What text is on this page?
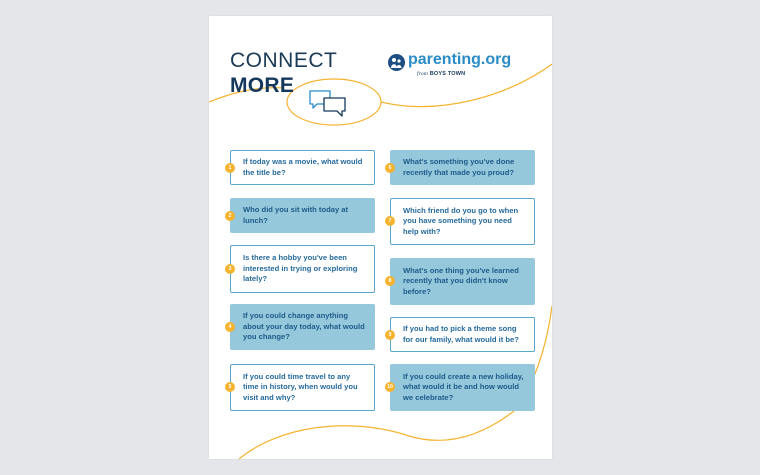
CONNECT
MORE
parenting.org
from BOYS TOWN
If today was a movie, what would the title be?
1
Who did you sit with today at lunch?
2
Is there a hobby you've been interested in trying or exploring lately?
3
If you could change anything about your day today, what would you change?
4
If you could time travel to any time in history, when would you visit and why?
5
What's something you've done recently that made you proud?
6
Which friend do you go to when you have something you need help with?
7
What's one thing you've learned recently that you didn't know before?
8
If you had to pick a theme song for our family, what would it be?
9
If you could create a new holiday, what would it be and how would we celebrate?
10
